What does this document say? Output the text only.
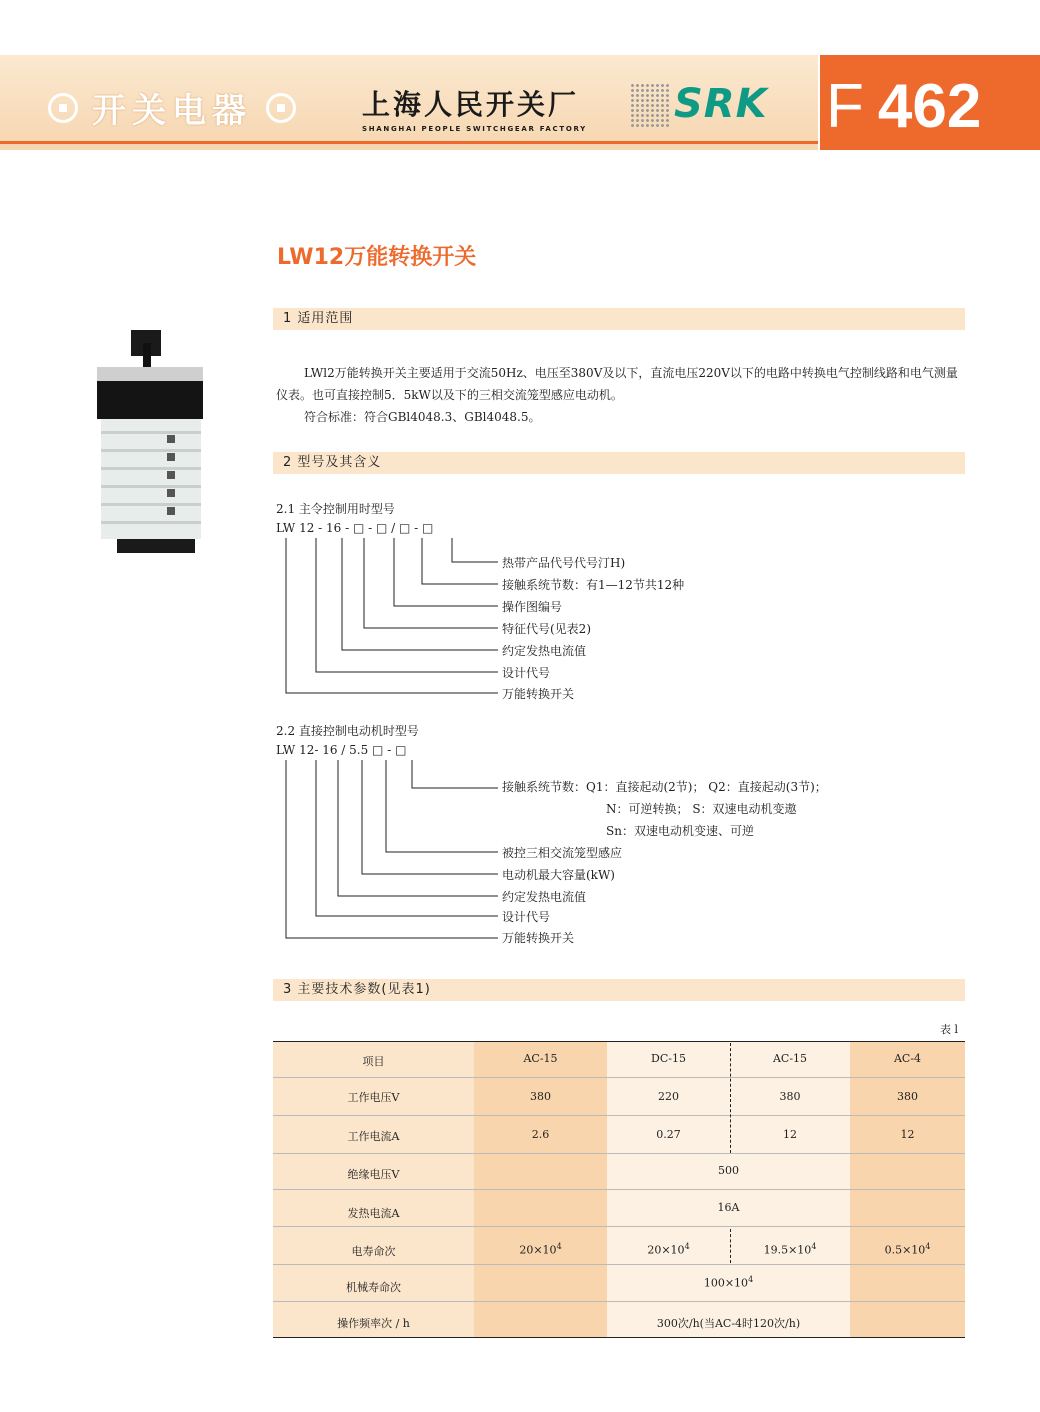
开关电器	上海人民开关厂
SHANGHAI PEOPLE SWITCHGEAR FACTORY
SRK F 462
LW12万能转换开关
1 适用范围

LWl2万能转换开关主要适用于交流50Hz、电压至380V及以下，直流电压220V以下的电路中转换电气控制线路和电气测量仪表。也可直接控制5．5kW以及下的三相交流笼型感应电动机。

符合标准：符合GBl4048.3、GBl4048.5。

2 型号及其含义
2.1 主令控制用时型号
LW 12 - 16 - □ - □ / □ - □
热带产品代号代号汀H)
接触系统节数：有1—12节共12种
操作图编号
特征代号(见表2)
约定发热电流值
设计代号
万能转换开关
2.2 直接控制电动机时型号
LW 12- 16 / 5.5 □ - □
接触系统节数：Q1：直接起动(2节)； Q2：直接起动(3节)；
N：可逆转换； S：双速电动机变遨
Sn：双速电动机变速、可逆
被控三相交流笼型感应
电动机最大容量(kW)
约定发热电流值
设计代号
万能转换开关
3 主要技术参数(见表1)
表 l
项目	AC-15	DC-15	AC-15	AC-4
工作电压V	380	220	380	380
工作电流A	2.6	0.27	12	12
绝缘电压V	500
发热电流A	16A
电寿命次	$20\times 10^4$	$20\times 10^4$	$19.5\times 10^4$	$0.5\times 10^4$
机械寿命次	$100\times 10^4$
操作频率次 / h	300次/h(当AC-4时120次/h)
